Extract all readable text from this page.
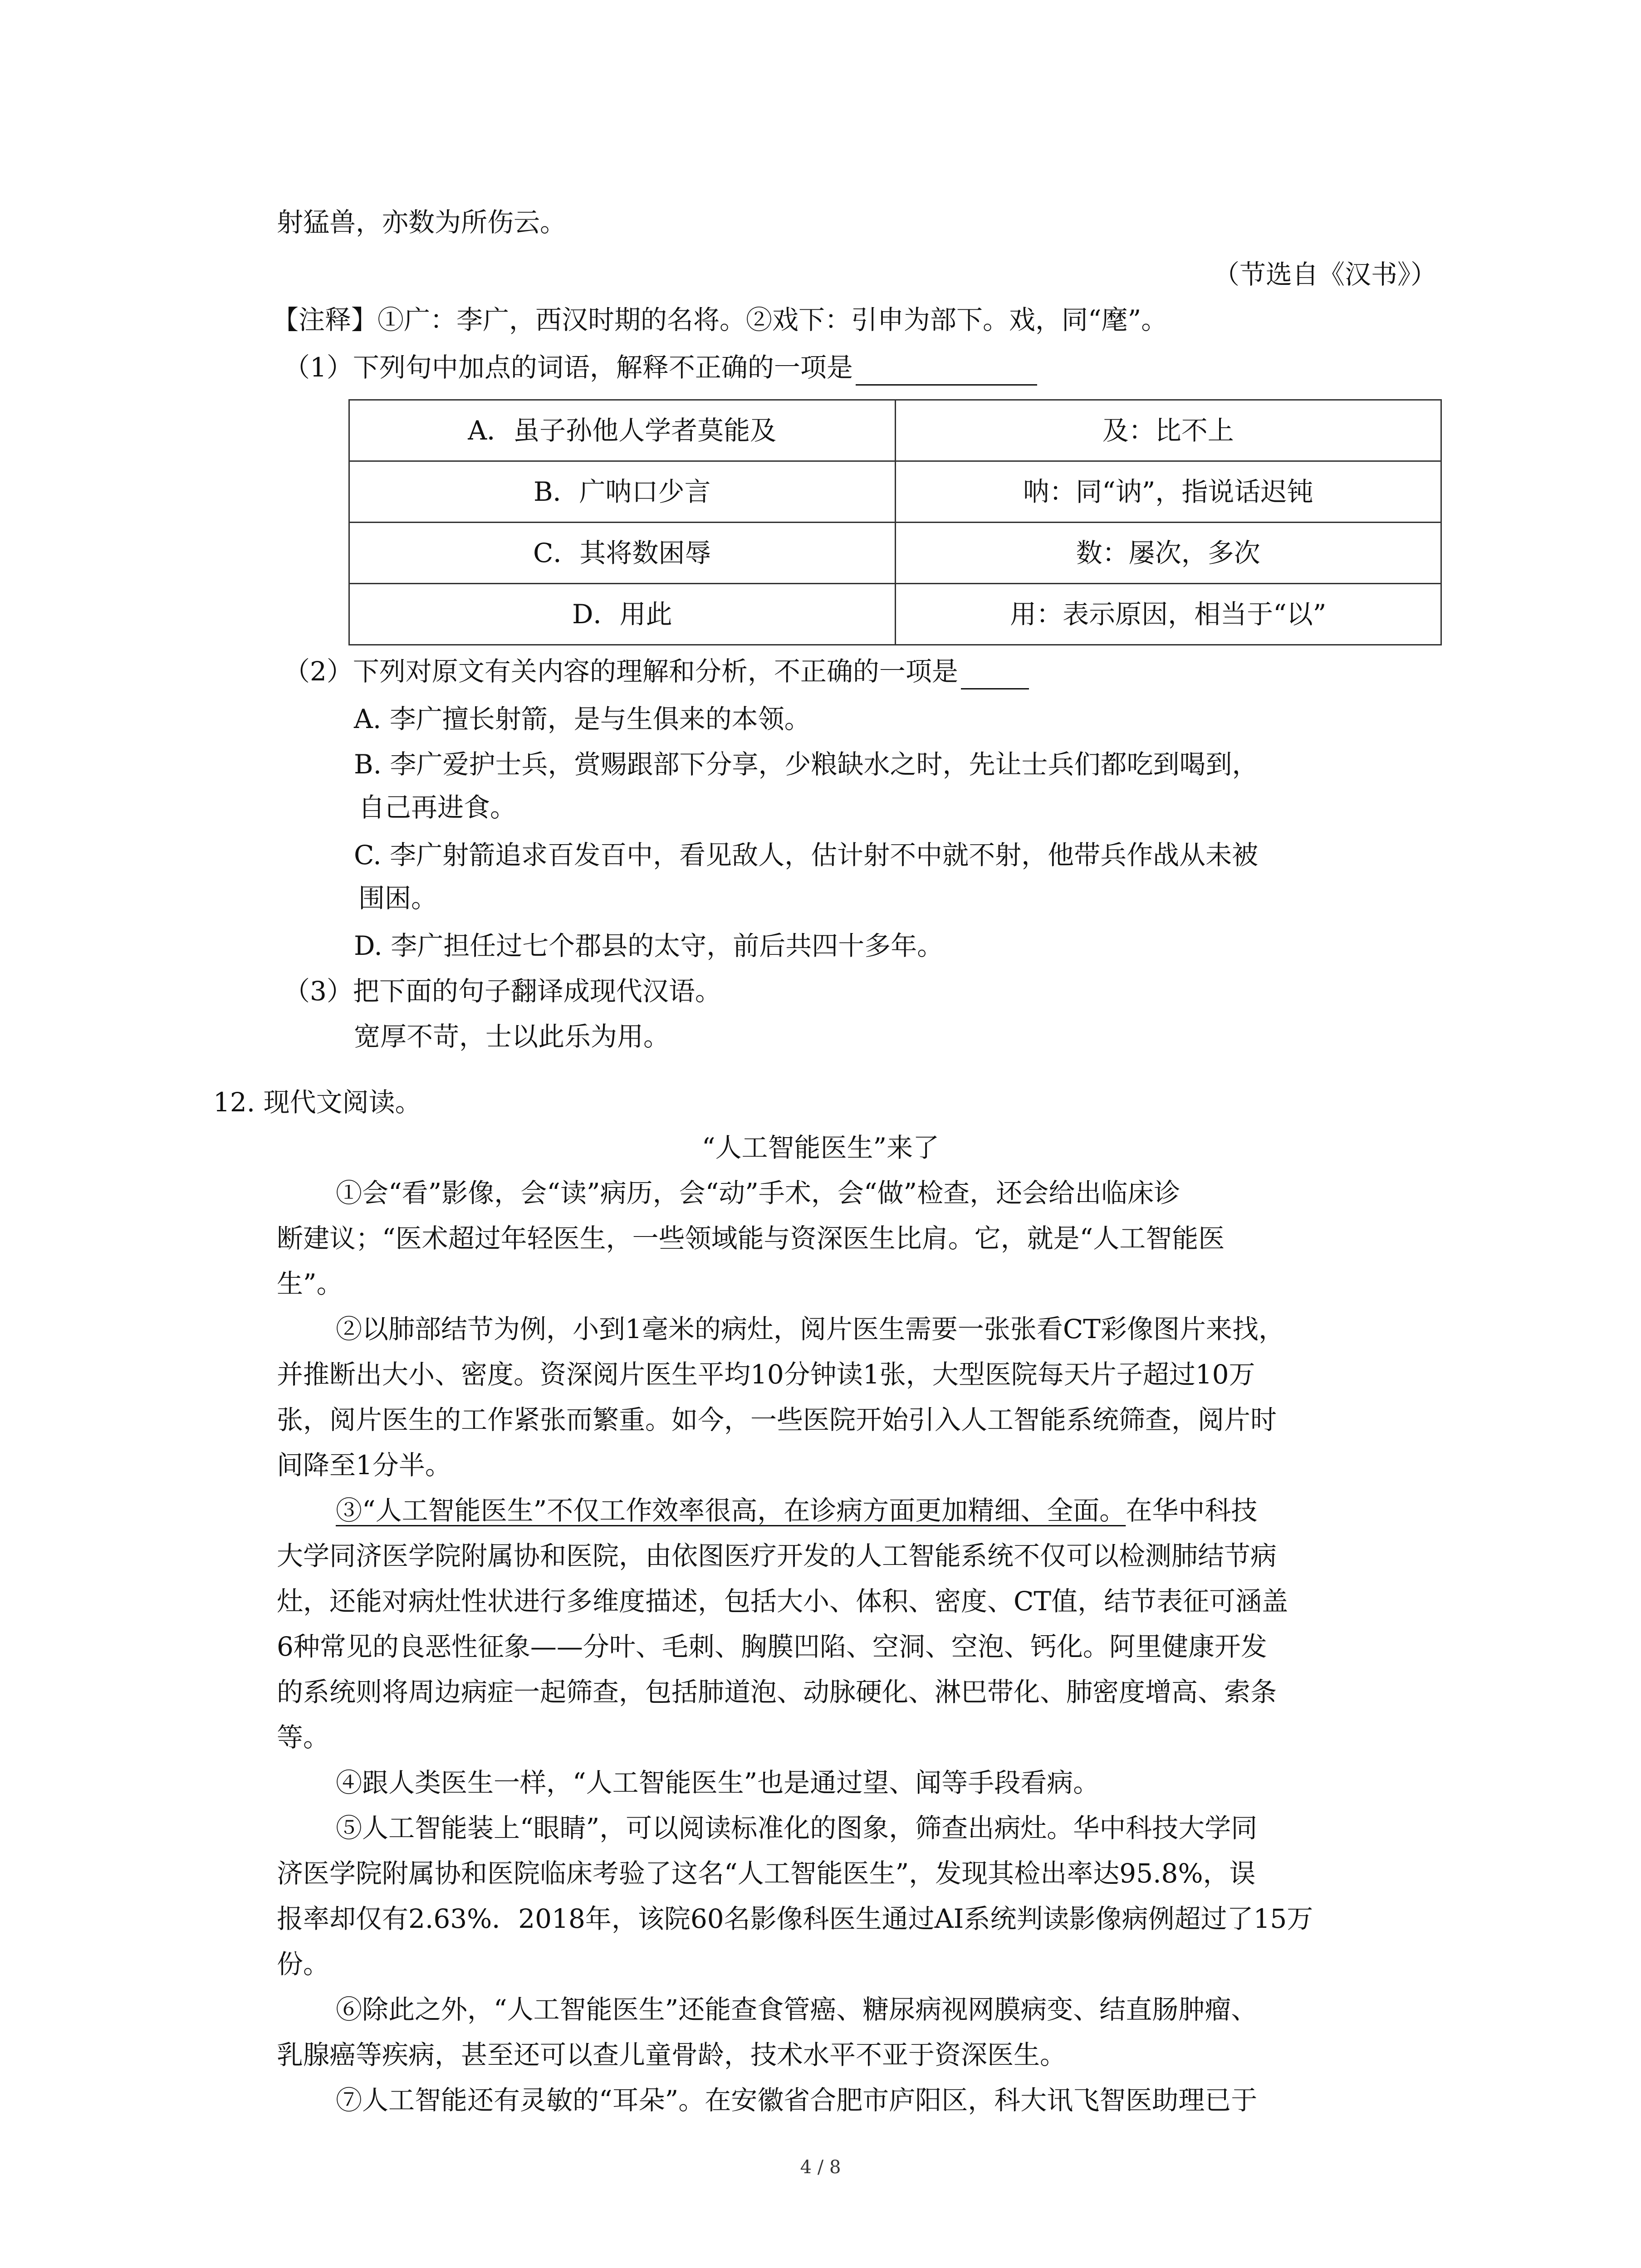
射猛兽，亦数为所伤云。
（节选自《汉书》）
【注释】①广：李广，西汉时期的名将。②戏下：引申为部下。戏，同“麾”。
（1）下列句中加点的词语，解释不正确的一项是
A．虽子孙他人学者莫能及	及：比不上
B．广呐口少言	呐：同“讷”，指说话迟钝
C．其将数困辱	数：屡次，多次
D．用此	用：表示原因，相当于“以”
（2）下列对原文有关内容的理解和分析，不正确的一项是
A. 李广擅长射箭，是与生俱来的本领。
B. 李广爱护士兵，赏赐跟部下分享，少粮缺水之时，先让士兵们都吃到喝到，
自己再进食。
C. 李广射箭追求百发百中，看见敌人，估计射不中就不射，他带兵作战从未被
围困。
D. 李广担任过七个郡县的太守，前后共四十多年。
（3）把下面的句子翻译成现代汉语。
宽厚不苛，士以此乐为用。
12. 现代文阅读。
“人工智能医生”来了
①会“看”影像，会“读”病历，会“动”手术，会“做”检查，还会给出临床诊
断建议；“医术超过年轻医生，一些领域能与资深医生比肩。它，就是“人工智能医
生”。
②以肺部结节为例，小到1毫米的病灶，阅片医生需要一张张看CT彩像图片来找，
并推断出大小、密度。资深阅片医生平均10分钟读1张，大型医院每天片子超过10万
张，阅片医生的工作紧张而繁重。如今，一些医院开始引入人工智能系统筛查，阅片时
间降至1分半。
③“人工智能医生”不仅工作效率很高，在诊病方面更加精细、全面。在华中科技
大学同济医学院附属协和医院，由依图医疗开发的人工智能系统不仅可以检测肺结节病
灶，还能对病灶性状进行多维度描述，包括大小、体积、密度、CT值，结节表征可涵盖
6种常见的良恶性征象——分叶、毛刺、胸膜凹陷、空洞、空泡、钙化。阿里健康开发
的系统则将周边病症一起筛查，包括肺道泡、动脉硬化、淋巴带化、肺密度增高、索条
等。
④跟人类医生一样，“人工智能医生”也是通过望、闻等手段看病。
⑤人工智能装上“眼睛”，可以阅读标准化的图象，筛查出病灶。华中科技大学同
济医学院附属协和医院临床考验了这名“人工智能医生”，发现其检出率达95.8%，误
报率却仅有2.63%．2018年，该院60名影像科医生通过AI系统判读影像病例超过了15万
份。
⑥除此之外，“人工智能医生”还能查食管癌、糖尿病视网膜病变、结直肠肿瘤、
乳腺癌等疾病，甚至还可以查儿童骨龄，技术水平不亚于资深医生。
⑦人工智能还有灵敏的“耳朵”。在安徽省合肥市庐阳区，科大讯飞智医助理已于
4 / 8
